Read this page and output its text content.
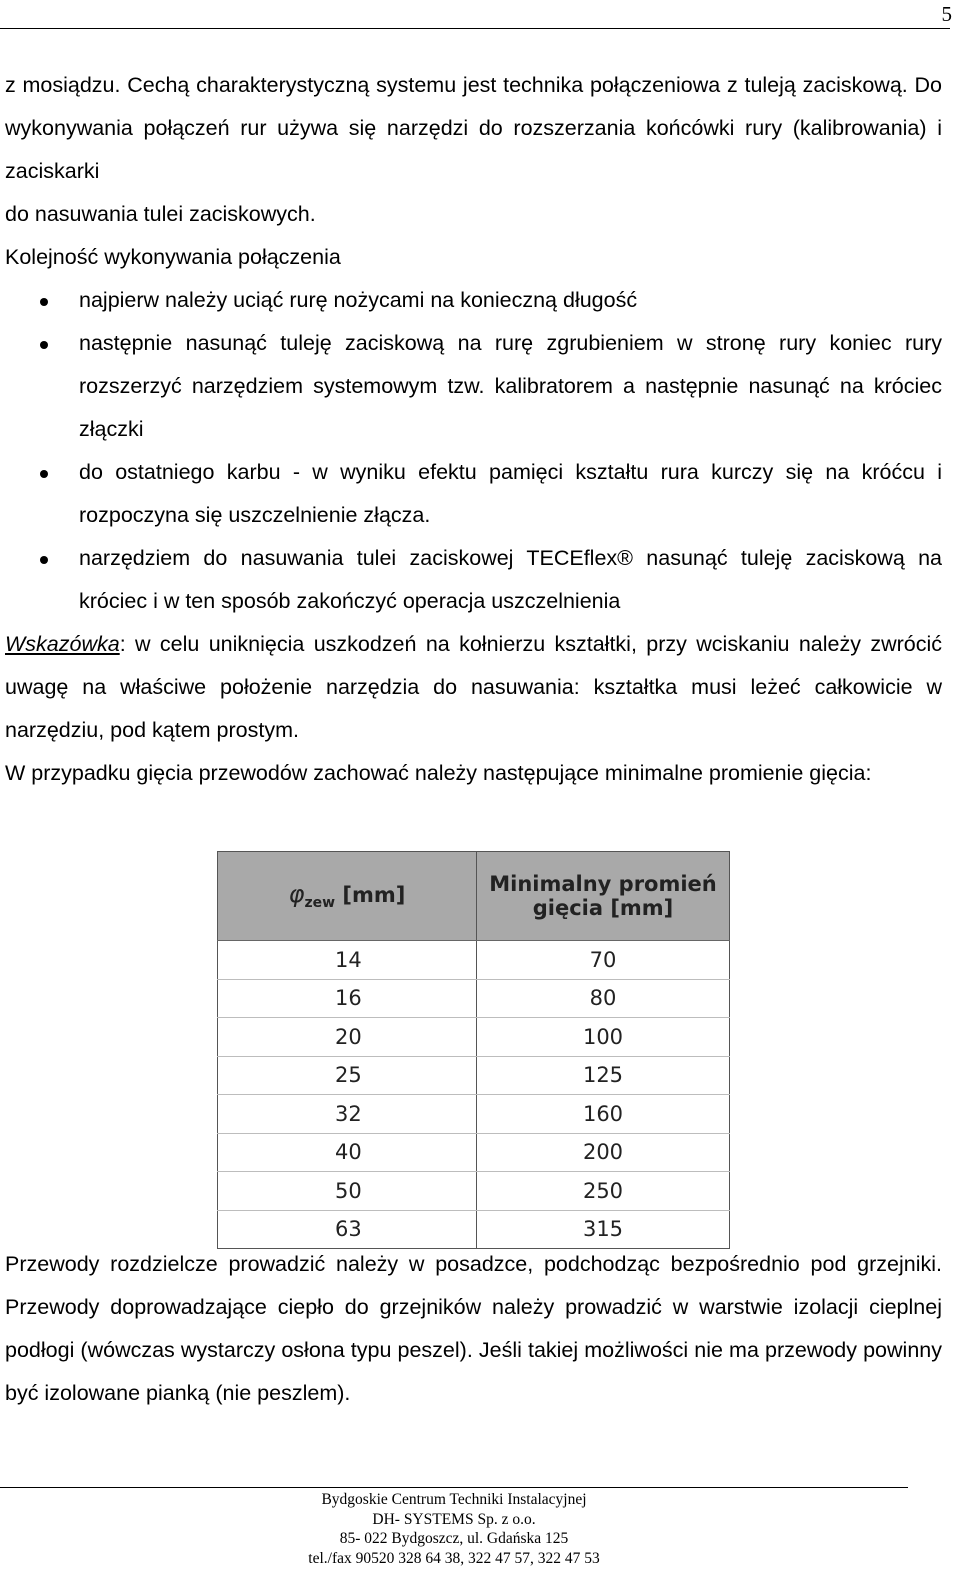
5

z mosiądzu. Cechą charakterystyczną systemu jest technika połączeniowa z tuleją zaciskową. Do wykonywania połączeń rur używa się narzędzi do rozszerzania końcówki rury (kalibrowania) i zaciskarki

do nasuwania tulei zaciskowych.

Kolejność wykonywania połączenia

najpierw należy uciąć rurę nożycami na konieczną długość
następnie nasunąć tuleję zaciskową na rurę zgrubieniem w stronę rury koniec rury rozszerzyć narzędziem systemowym tzw. kalibratorem a następnie nasunąć na króciec złączki
do ostatniego karbu - w wyniku efektu pamięci kształtu rura kurczy się na króćcu i rozpoczyna się uszczelnienie złącza.
narzędziem do nasuwania tulei zaciskowej TECEflex® nasunąć tuleję zaciskową na króciec i w ten sposób zakończyć operacja uszczelnienia

Wskazówka: w celu uniknięcia uszkodzeń na kołnierzu kształtki, przy wciskaniu należy zwrócić uwagę na właściwe położenie narzędzia do nasuwania: kształtka musi leżeć całkowicie w narzędziu, pod kątem prostym.

W przypadku gięcia przewodów zachować należy następujące minimalne promienie gięcia:

$\varphi_{zew}$ [mm]	Minimalny promień
gięcia [mm]
14	70
16	80
20	100
25	125
32	160
40	200
50	250
63	315

Przewody rozdzielcze prowadzić należy w posadzce, podchodząc bezpośrednio pod grzejniki. Przewody doprowadzające ciepło do grzejników należy prowadzić w warstwie izolacji cieplnej podłogi (wówczas wystarczy osłona typu peszel). Jeśli takiej możliwości nie ma przewody powinny być izolowane pianką (nie peszlem).

Bydgoskie Centrum Techniki Instalacyjnej
DH- SYSTEMS Sp. z o.o.
85- 022 Bydgoszcz, ul. Gdańska 125
tel./fax 90520 328 64 38, 322 47 57, 322 47 53
